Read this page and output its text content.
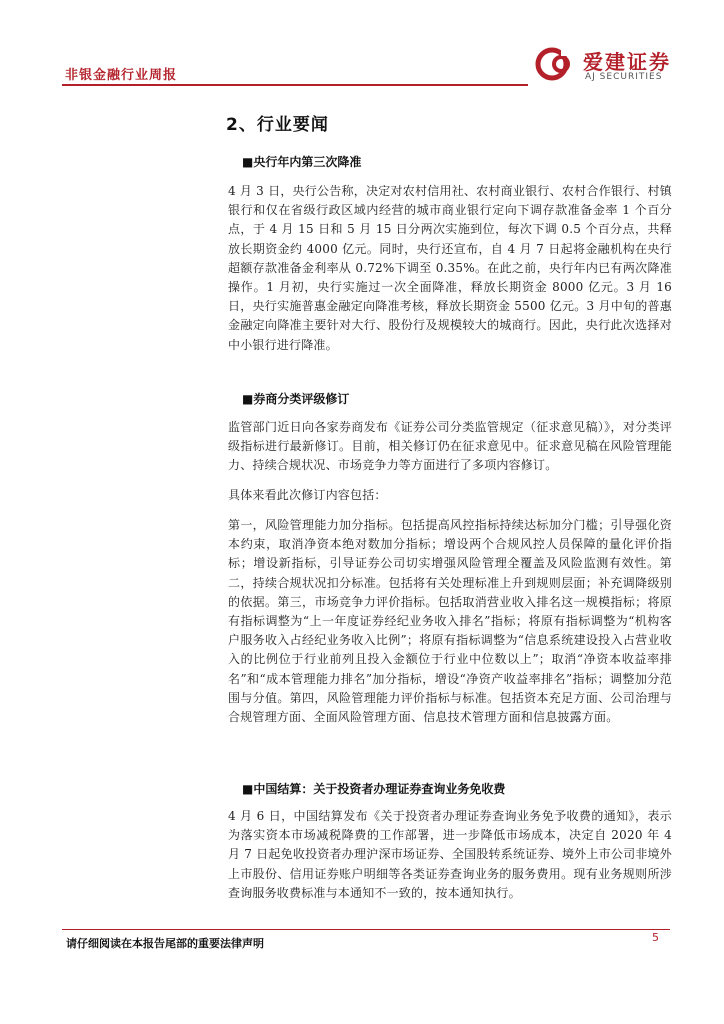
非银金融行业周报
爱建证券
AJ SECURITIES
2、行业要闻
■央行年内第三次降准
4 月 3 日，央行公告称，决定对农村信用社、农村商业银行、农村合作银行、村镇银行和仅在省级行政区域内经营的城市商业银行定向下调存款准备金率 1 个百分点，于 4 月 15 日和 5 月 15 日分两次实施到位，每次下调 0.5 个百分点，共释放长期资金约 4000 亿元。同时，央行还宣布，自 4 月 7 日起将金融机构在央行超额存款准备金利率从 0.72%下调至 0.35%。在此之前，央行年内已有两次降准操作。1 月初，央行实施过一次全面降准，释放长期资金 8000 亿元。3 月 16 日，央行实施普惠金融定向降准考核，释放长期资金 5500 亿元。3 月中旬的普惠金融定向降准主要针对大行、股份行及规模较大的城商行。因此，央行此次选择对中小银行进行降准。
■券商分类评级修订
监管部门近日向各家券商发布《证券公司分类监管规定（征求意见稿）》，对分类评级指标进行最新修订。目前，相关修订仍在征求意见中。征求意见稿在风险管理能力、持续合规状况、市场竞争力等方面进行了多项内容修订。
具体来看此次修订内容包括：
第一，风险管理能力加分指标。包括提高风控指标持续达标加分门槛；引导强化资本约束，取消净资本绝对数加分指标；增设两个合规风控人员保障的量化评价指标；增设新指标，引导证券公司切实增强风险管理全覆盖及风险监测有效性。第二，持续合规状况扣分标准。包括将有关处理标准上升到规则层面；补充调降级别的依据。第三，市场竞争力评价指标。包括取消营业收入排名这一规模指标；将原有指标调整为“上一年度证券经纪业务收入排名”指标；将原有指标调整为“机构客户服务收入占经纪业务收入比例”；将原有指标调整为“信息系统建设投入占营业收入的比例位于行业前列且投入金额位于行业中位数以上”；取消“净资本收益率排名”和“成本管理能力排名”加分指标，增设“净资产收益率排名”指标；调整加分范围与分值。第四，风险管理能力评价指标与标准。包括资本充足方面、公司治理与合规管理方面、全面风险管理方面、信息技术管理方面和信息披露方面。
■中国结算：关于投资者办理证券查询业务免收费
4 月 6 日，中国结算发布《关于投资者办理证券查询业务免予收费的通知》，表示为落实资本市场减税降费的工作部署，进一步降低市场成本，决定自 2020 年 4 月 7 日起免收投资者办理沪深市场证券、全国股转系统证券、境外上市公司非境外上市股份、信用证券账户明细等各类证券查询业务的服务费用。现有业务规则所涉查询服务收费标准与本通知不一致的，按本通知执行。
请仔细阅读在本报告尾部的重要法律声明	5
